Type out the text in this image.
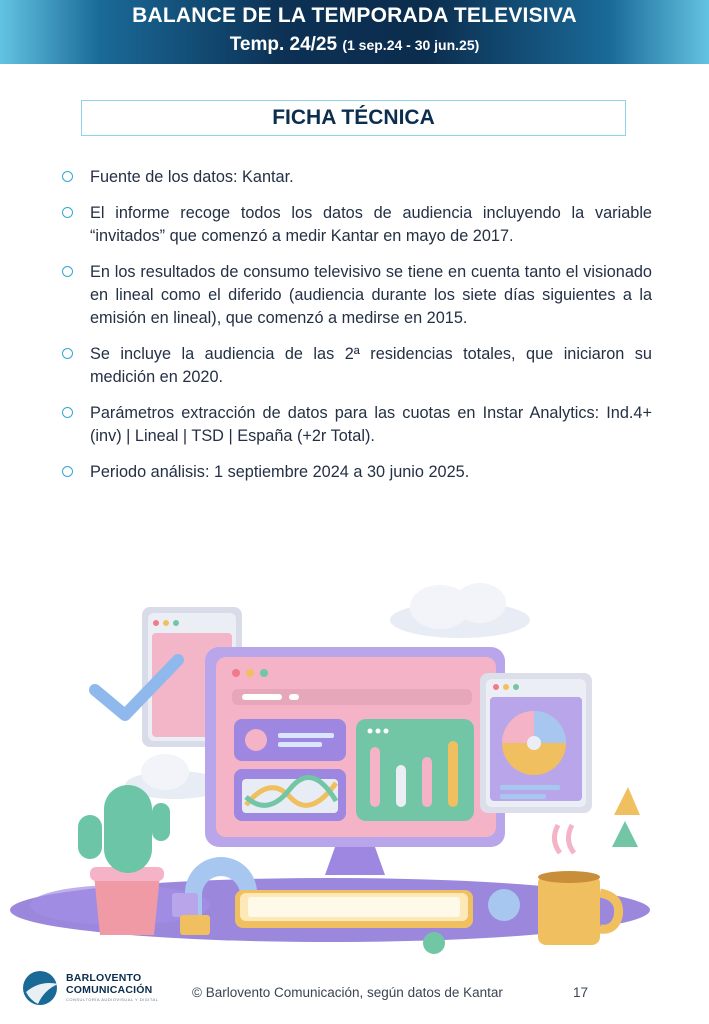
BALANCE DE LA TEMPORADA TELEVISIVA
Temp. 24/25 (1 sep.24 - 30 jun.25)
FICHA TÉCNICA
Fuente de los datos: Kantar.
El informe recoge todos los datos de audiencia incluyendo la variable “invitados” que comenzó a medir Kantar en mayo de 2017.
En los resultados de consumo televisivo se tiene en cuenta tanto el visionado en lineal como el diferido (audiencia durante los siete días siguientes a la emisión en lineal), que comenzó a medirse en 2015.
Se incluye la audiencia de las 2ª residencias totales, que iniciaron su medición en 2020.
Parámetros extracción de datos para las cuotas en Instar Analytics: Ind.4+ (inv) | Lineal | TSD | España (+2r Total).
Periodo análisis: 1 septiembre 2024 a 30 junio 2025.
BARLOVENTO
COMUNICACIÓN
CONSULTORÍA AUDIOVISUAL Y DIGITAL © Barlovento Comunicación, según datos de Kantar	17
